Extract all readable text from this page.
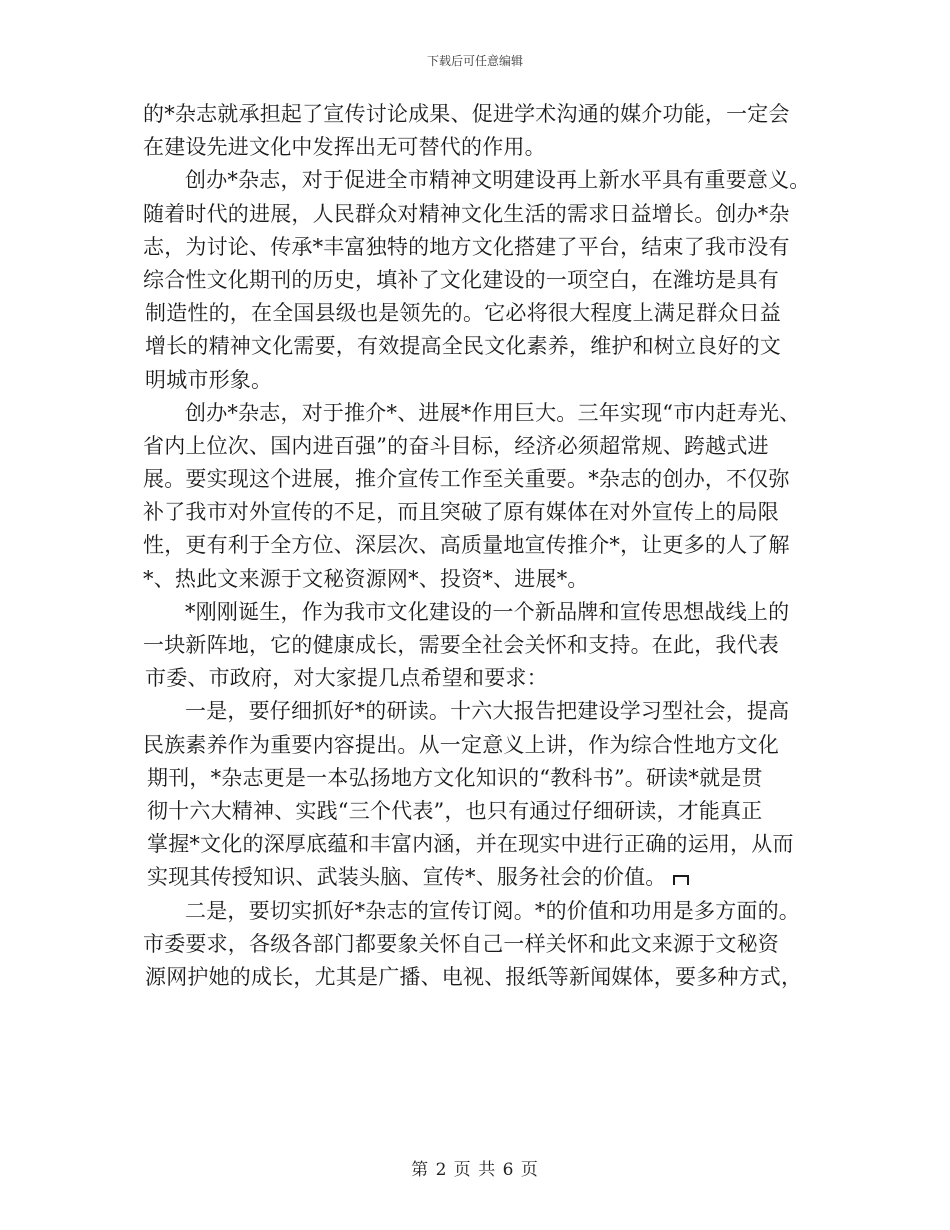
下载后可任意编辑
的*杂志就承担起了宣传讨论成果、促进学术沟通的媒介功能，一定会
在建设先进文化中发挥出无可替代的作用。
创办*杂志，对于促进全市精神文明建设再上新水平具有重要意义。
随着时代的进展，人民群众对精神文化生活的需求日益增长。创办*杂
志，为讨论、传承*丰富独特的地方文化搭建了平台，结束了我市没有
综合性文化期刊的历史，填补了文化建设的一项空白，在潍坊是具有
制造性的，在全国县级也是领先的。它必将很大程度上满足群众日益
增长的精神文化需要，有效提高全民文化素养，维护和树立良好的文
明城市形象。
创办*杂志，对于推介*、进展*作用巨大。三年实现“市内赶寿光、
省内上位次、国内进百强”的奋斗目标，经济必须超常规、跨越式进
展。要实现这个进展，推介宣传工作至关重要。*杂志的创办，不仅弥
补了我市对外宣传的不足，而且突破了原有媒体在对外宣传上的局限
性，更有利于全方位、深层次、高质量地宣传推介*，让更多的人了解
*、热此文来源于文秘资源网*、投资*、进展*。
*刚刚诞生，作为我市文化建设的一个新品牌和宣传思想战线上的
一块新阵地，它的健康成长，需要全社会关怀和支持。在此，我代表
市委、市政府，对大家提几点希望和要求：
一是，要仔细抓好*的研读。十六大报告把建设学习型社会，提高
民族素养作为重要内容提出。从一定意义上讲，作为综合性地方文化
期刊，*杂志更是一本弘扬地方文化知识的“教科书”。研读*就是贯
彻十六大精神、实践“三个代表”，也只有通过仔细研读，才能真正
掌握*文化的深厚底蕴和丰富内涵，并在现实中进行正确的运用，从而
实现其传授知识、武装头脑、宣传*、服务社会的价值。
二是，要切实抓好*杂志的宣传订阅。*的价值和功用是多方面的。
市委要求，各级各部门都要象关怀自己一样关怀和此文来源于文秘资
源网护她的成长，尤其是广播、电视、报纸等新闻媒体，要多种方式，
第 2 页 共 6 页
